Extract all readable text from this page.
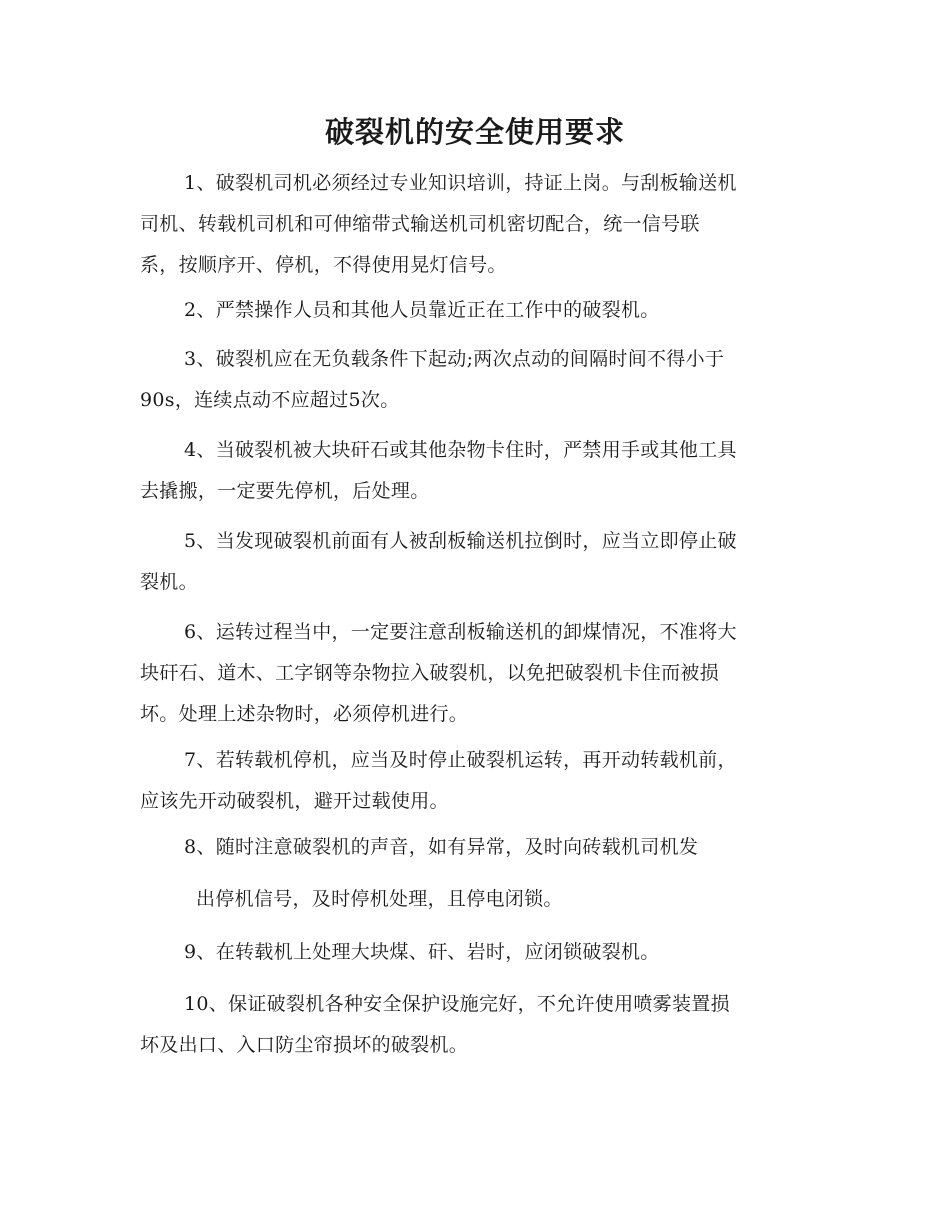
破裂机的安全使用要求

1、破裂机司机必须经过专业知识培训，持证上岗。与刮板输送机
司机、转载机司机和可伸缩带式输送机司机密切配合，统一信号联
系，按顺序开、停机，不得使用晃灯信号。

2、严禁操作人员和其他人员靠近正在工作中的破裂机。

3、破裂机应在无负载条件下起动;两次点动的间隔时间不得小于
90s，连续点动不应超过5次。

4、当破裂机被大块矸石或其他杂物卡住时，严禁用手或其他工具
去撬搬，一定要先停机，后处理。

5、当发现破裂机前面有人被刮板输送机拉倒时，应当立即停止破
裂机。

6、运转过程当中，一定要注意刮板输送机的卸煤情况，不准将大
块矸石、道木、工字钢等杂物拉入破裂机，以免把破裂机卡住而被损
坏。处理上述杂物时，必须停机进行。

7、若转载机停机，应当及时停止破裂机运转，再开动转载机前，
应该先开动破裂机，避开过载使用。

8、随时注意破裂机的声音，如有异常，及时向砖载机司机发

出停机信号，及时停机处理，且停电闭锁。

9、在转载机上处理大块煤、矸、岩时，应闭锁破裂机。

10、保证破裂机各种安全保护设施完好，不允许使用喷雾装置损
坏及出口、入口防尘帘损坏的破裂机。
